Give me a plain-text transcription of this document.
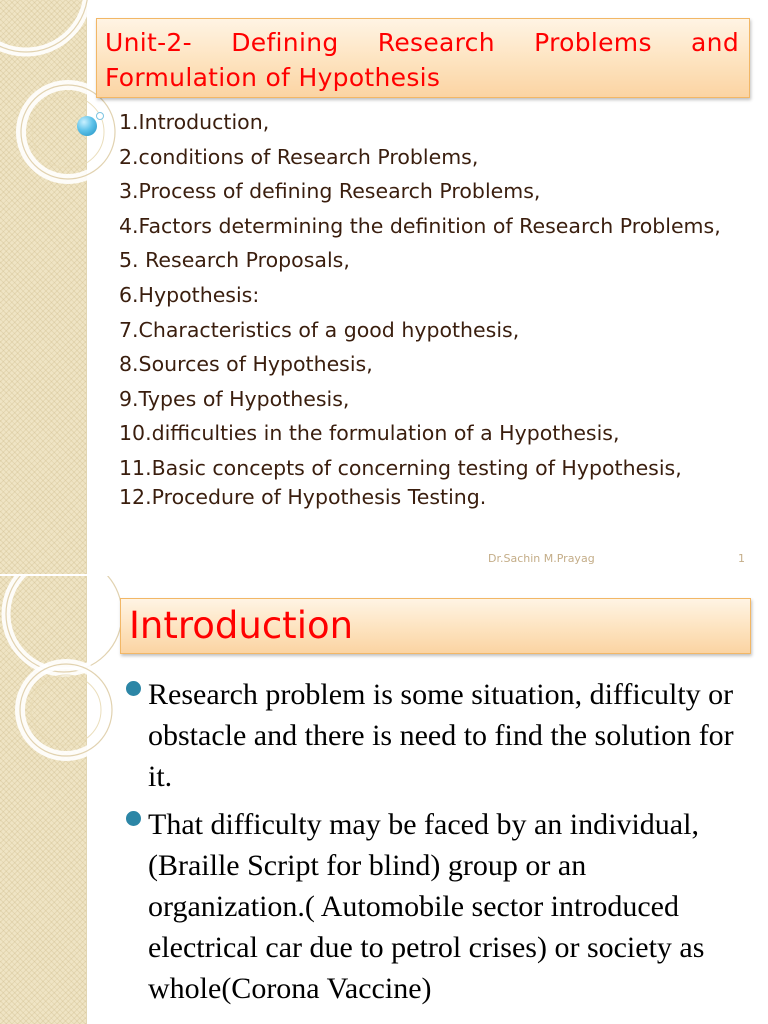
Unit-2- Defining Research Problems and Formulation of Hypothesis
1.Introduction,
2.conditions of Research Problems,
3.Process of defining Research Problems,
4.Factors determining the definition of Research Problems,
5. Research Proposals,
6.Hypothesis:
7.Characteristics of a good hypothesis,
8.Sources of Hypothesis,
9.Types of Hypothesis,
10.difficulties in the formulation of a Hypothesis,
11.Basic concepts of concerning testing of Hypothesis, 12.Procedure of Hypothesis Testing.
Dr.Sachin M.Prayag	1
Introduction
Research problem is some situation, difficulty or obstacle and there is need to find the solution for it.
That difficulty may be faced by an individual,(Braille Script for blind) group or an organization.( Automobile sector introduced electrical car due to petrol crises) or society as whole(Corona Vaccine)
